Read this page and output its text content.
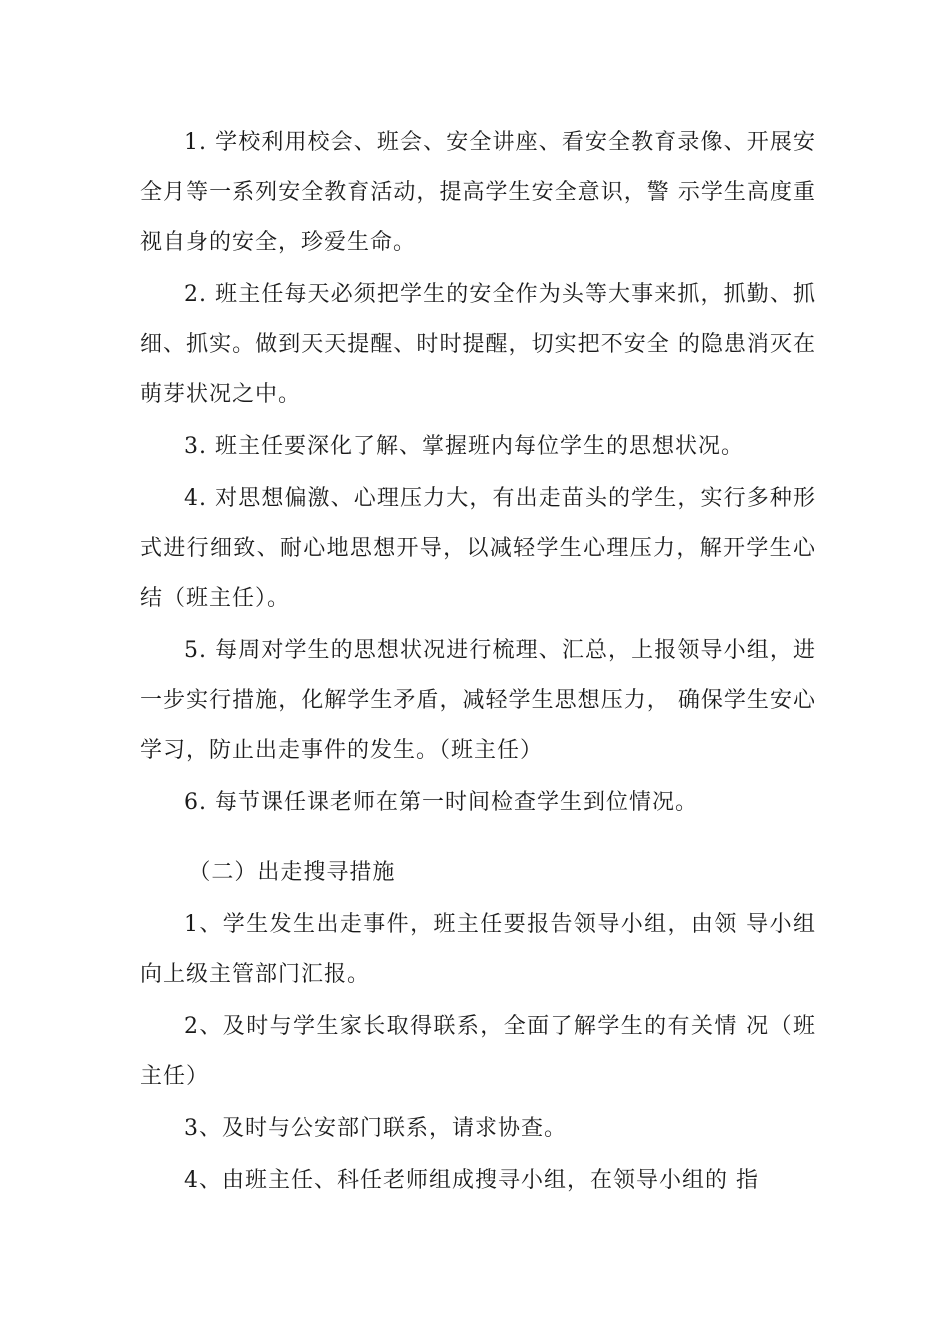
1. 学校利用校会、班会、安全讲座、看安全教育录像、开展安全月等一系列安全教育活动，提高学生安全意识，警 示学生高度重视自身的安全，珍爱生命。

2. 班主任每天必须把学生的安全作为头等大事来抓，抓勤、抓细、抓实。做到天天提醒、时时提醒，切实把不安全 的隐患消灭在萌芽状况之中。

3. 班主任要深化了解、掌握班内每位学生的思想状况。

4. 对思想偏激、心理压力大，有出走苗头的学生，实行多种形式进行细致、耐心地思想开导，以减轻学生心理压力，解开学生心结（班主任）。

5. 每周对学生的思想状况进行梳理、汇总，上报领导小组，进一步实行措施，化解学生矛盾，减轻学生思想压力， 确保学生安心学习，防止出走事件的发生。（班主任）

6. 每节课任课老师在第一时间检查学生到位情况。

（二）出走搜寻措施

1、学生发生出走事件，班主任要报告领导小组，由领 导小组向上级主管部门汇报。

2、及时与学生家长取得联系，全面了解学生的有关情 况（班主任）

3、及时与公安部门联系，请求协查。

4、由班主任、科任老师组成搜寻小组，在领导小组的 指
